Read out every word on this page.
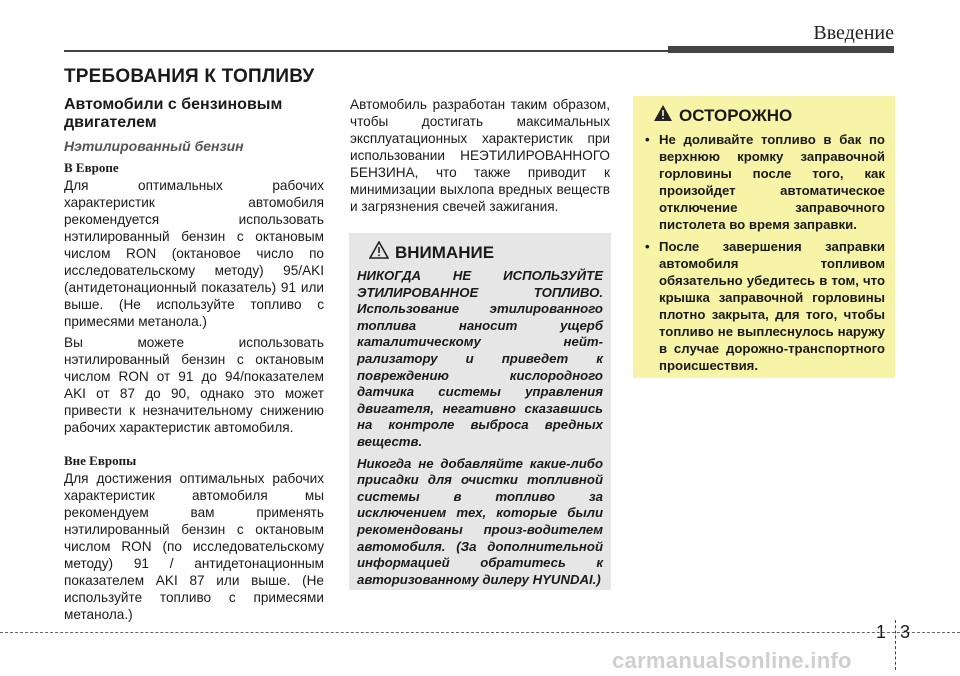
Введение
ТРЕБОВАНИЯ К ТОПЛИВУ
Автомобили с бензиновым двигателем
Нэтилированный бензин
В Европе

Для оптимальных рабочих характеристик автомобиля рекомендуется использовать нэтилированный бензин с октановым числом RON (октановое число по исследовательскому методу) 95/AKI (антидетонационный показатель) 91 или выше. (Не используйте топливо с примесями метанола.)

Вы можете использовать нэтилированный бензин с октановым числом RON от 91 до 94/показателем AKI от 87 до 90, однако это может привести к незначительному снижению рабочих характеристик автомобиля.

Вне Европы

Для достижения оптимальных рабочих характеристик автомобиля мы рекомендуем вам применять нэтилированный бензин с октановым числом RON (по исследовательскому методу) 91 / антидетонационным показателем AKI 87 или выше. (Не используйте топливо с примесями метанола.)

Автомобиль разработан таким образом, чтобы достигать максимальных эксплуатационных характеристик при использовании НЕЭТИЛИРОВАННОГО БЕНЗИНА, что также приводит к минимизации выхлопа вредных веществ и загрязнения свечей зажигания.

ВНИМАНИЕ

НИКОГДА НЕ ИСПОЛЬЗУЙТЕ ЭТИЛИРОВАННОЕ ТОПЛИВО. Использование этилированного топлива наносит ущерб каталитическому нейт-рализатору и приведет к повреждению кислородного датчика системы управления двигателя, негативно сказавшись на контроле выброса вредных веществ.

Никогда не добавляйте какие-либо присадки для очистки топливной системы в топливо за исключением тех, которые были рекомендованы произ-водителем автомобиля. (За дополнительной информацией обратитесь к авторизованному дилеру HYUNDAI.)

ОСТОРОЖНО
• Не доливайте топливо в бак по верхнюю кромку заправочной горловины после того, как произойдет автоматическое отключение заправочного пистолета во время заправки.
• После завершения заправки автомобиля топливом обязательно убедитесь в том, что крышка заправочной горловины плотно закрыта, для того, чтобы топливо не выплеснулось наружу в случае дорожно-транспортного происшествия.
1 3
carmanualsonline.info
